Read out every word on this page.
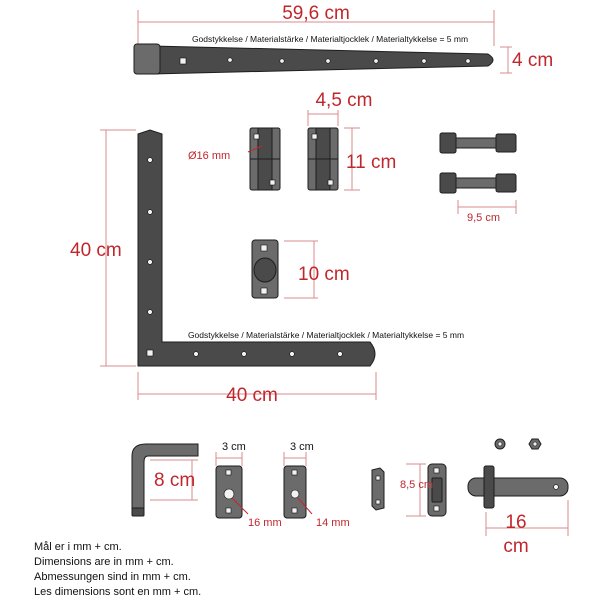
59,6 cm
Godstykkelse / Materialstärke / Materialtjocklek / Materialtykkelse = 5 mm
4 cm
4,5 cm
11 cm
Ø16 mm
9,5 cm
10 cm
40 cm
Godstykkelse / Materialstärke / Materialtjocklek / Materialtykkelse = 5 mm
40 cm
8 cm
3 cm
16 mm
3 cm
14 mm
8,5 cm
16
cm
16 cm
Mål er i mm + cm.
Dimensions are in mm + cm.
Abmessungen sind in mm + cm.
Les dimensions sont en mm + cm.
